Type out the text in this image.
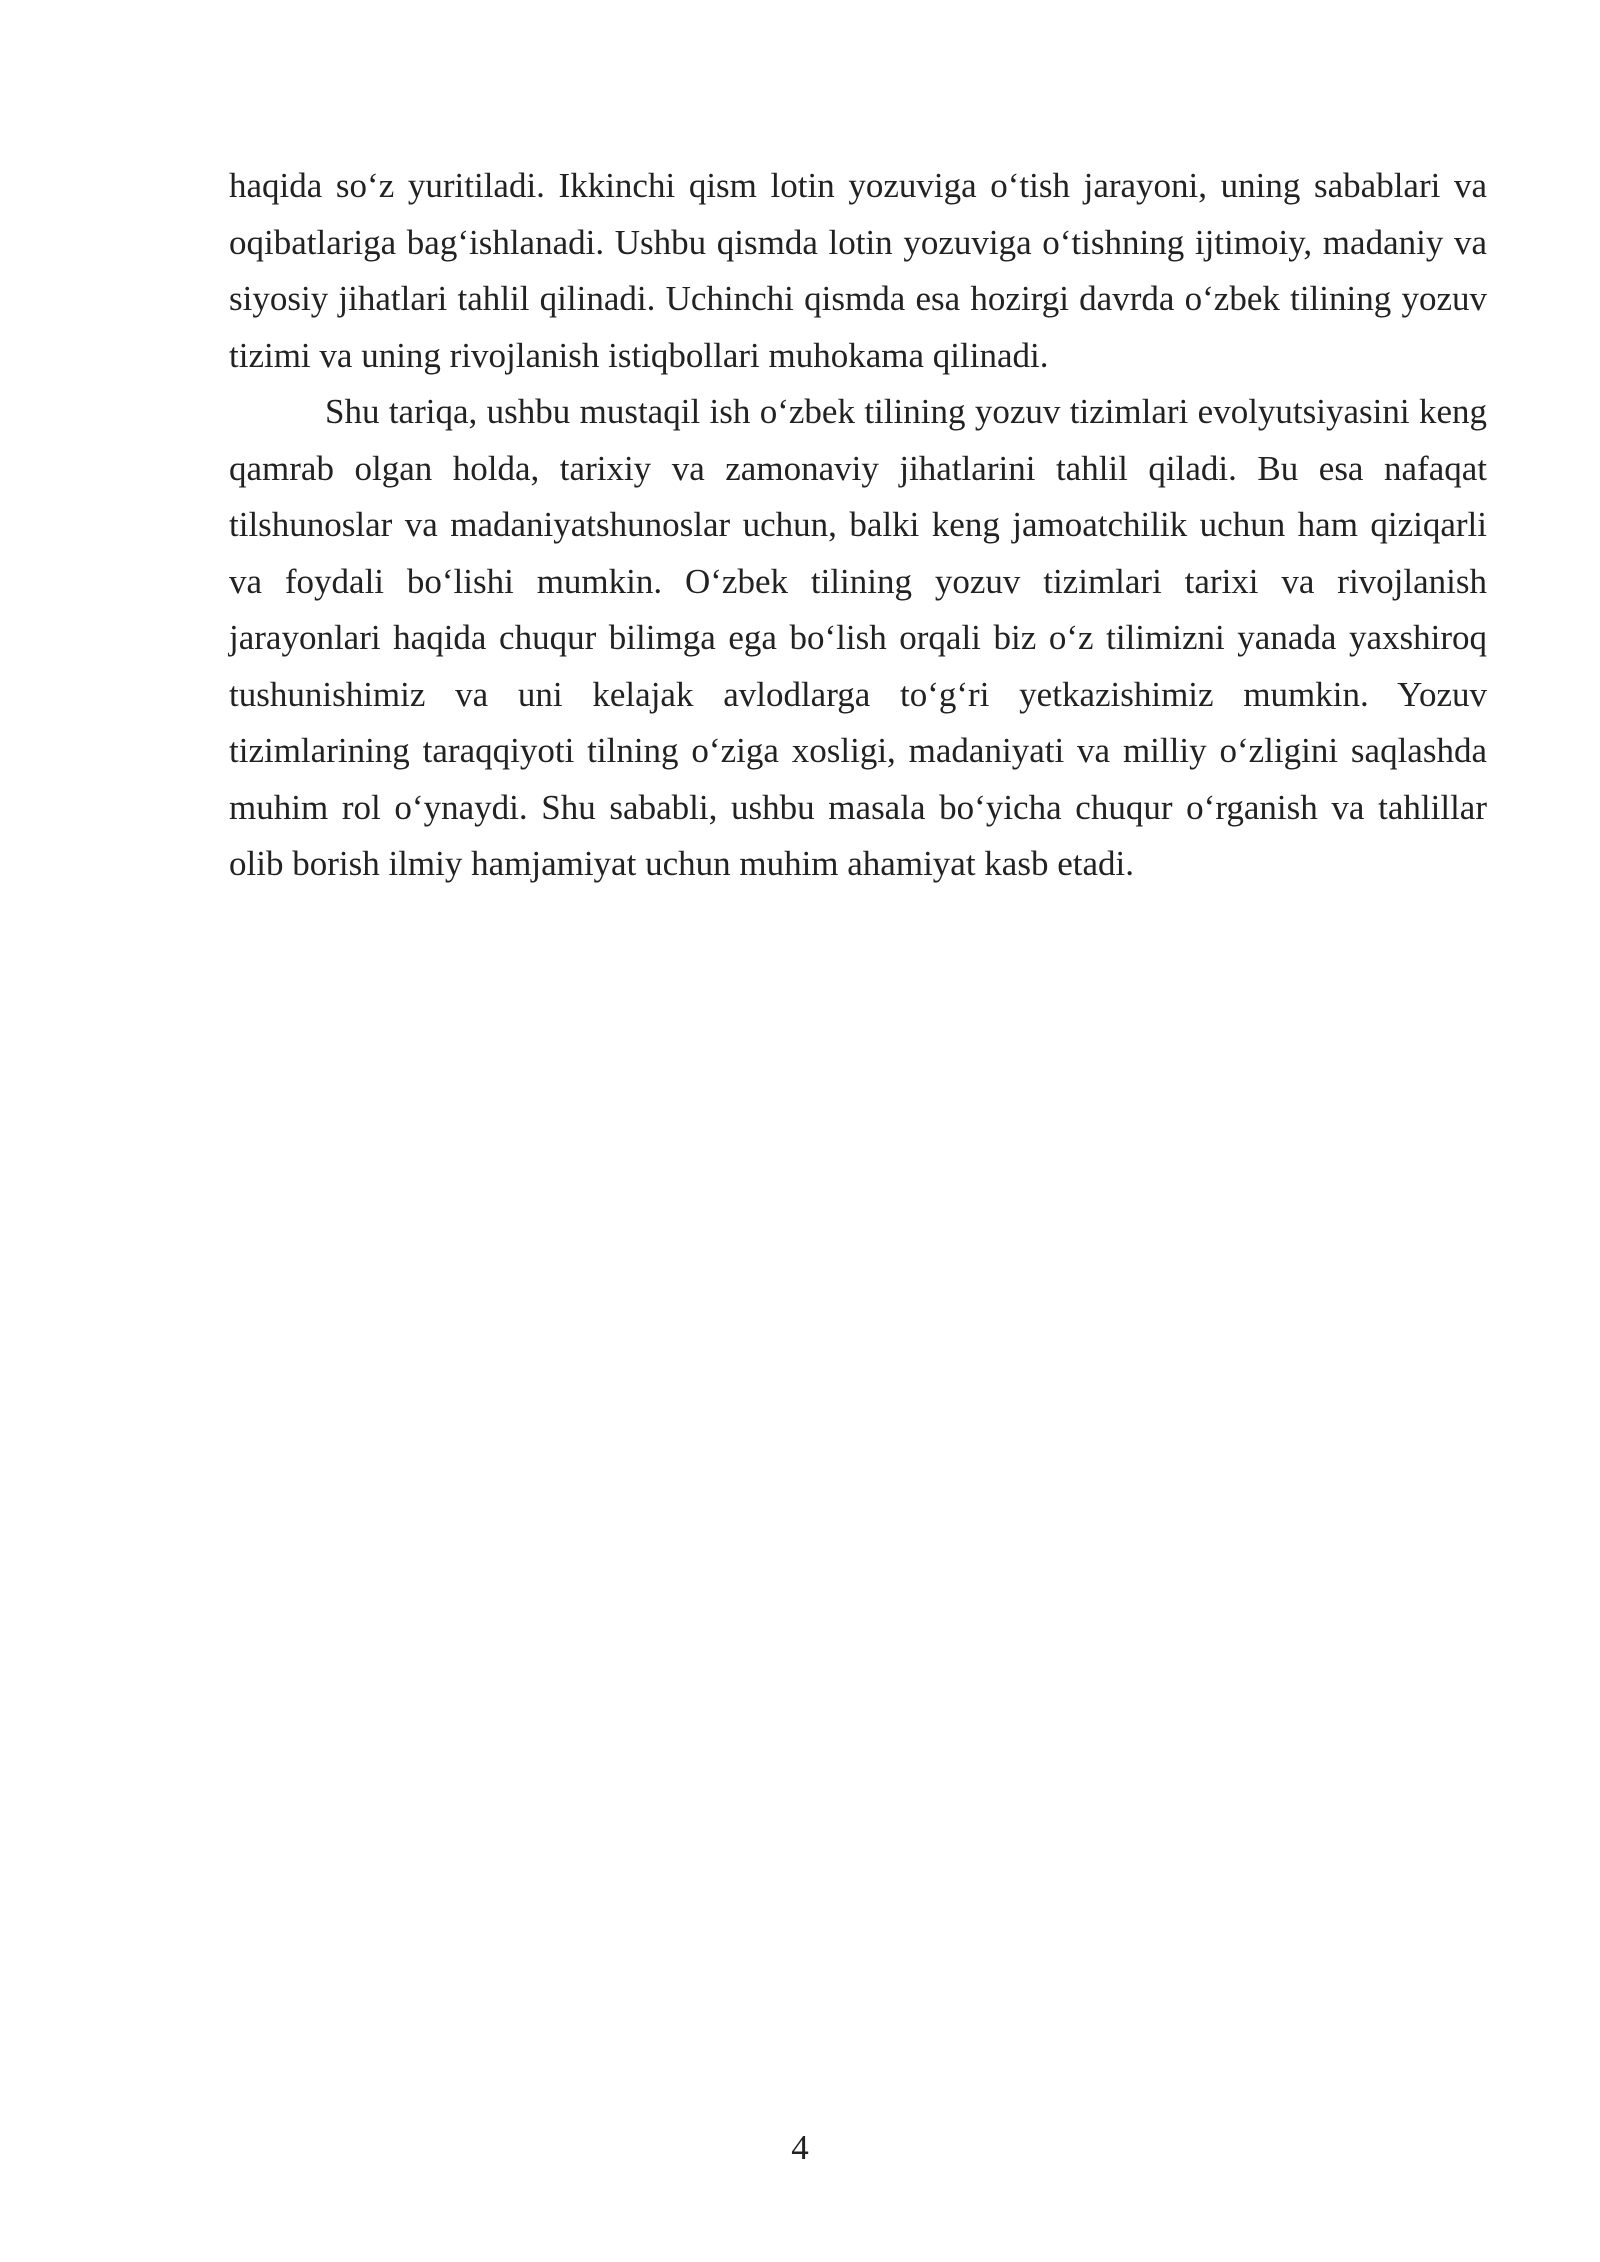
haqida soʻz yuritiladi. Ikkinchi qism lotin yozuviga oʻtish jarayoni, uning sabablari va oqibatlariga bagʻishlanadi. Ushbu qismda lotin yozuviga oʻtishning ijtimoiy, madaniy va siyosiy jihatlari tahlil qilinadi. Uchinchi qismda esa hozirgi davrda oʻzbek tilining yozuv tizimi va uning rivojlanish istiqbollari muhokama qilinadi.

Shu tariqa, ushbu mustaqil ish oʻzbek tilining yozuv tizimlari evolyutsiyasini keng qamrab olgan holda, tarixiy va zamonaviy jihatlarini tahlil qiladi. Bu esa nafaqat tilshunoslar va madaniyatshunoslar uchun, balki keng jamoatchilik uchun ham qiziqarli va foydali boʻlishi mumkin. Oʻzbek tilining yozuv tizimlari tarixi va rivojlanish jarayonlari haqida chuqur bilimga ega boʻlish orqali biz oʻz tilimizni yanada yaxshiroq tushunishimiz va uni kelajak avlodlarga toʻgʻri yetkazishimiz mumkin. Yozuv tizimlarining taraqqiyoti tilning oʻziga xosligi, madaniyati va milliy oʻzligini saqlashda muhim rol oʻynaydi. Shu sababli, ushbu masala boʻyicha chuqur oʻrganish va tahlillar olib borish ilmiy hamjamiyat uchun muhim ahamiyat kasb etadi.

4
